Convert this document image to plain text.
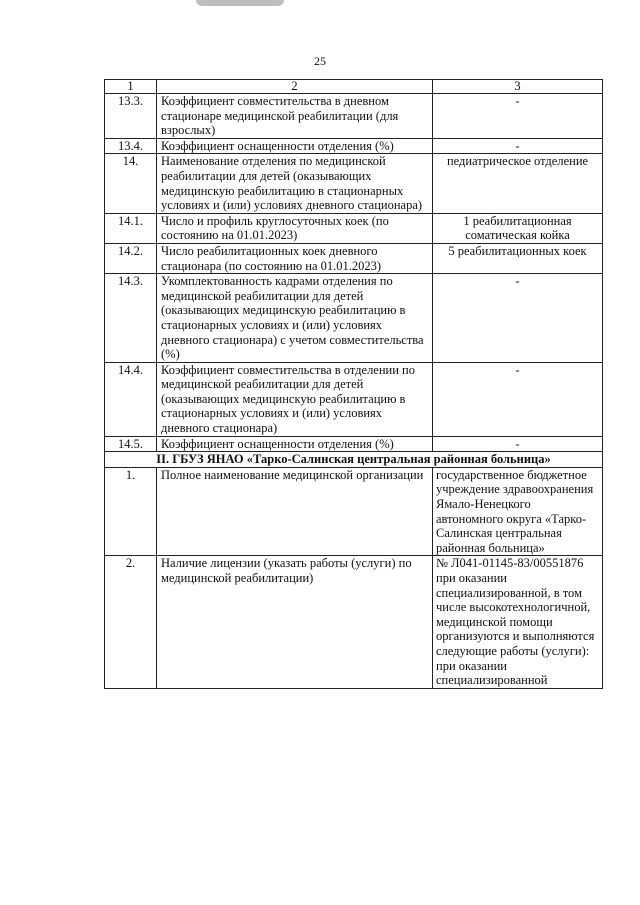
25
1	2	3
13.3.	Коэффициент совместительства в дневном стационаре медицинской реабилитации (для взрослых)	-
13.4.	Коэффициент оснащенности отделения (%)	-
14.	Наименование отделения по медицинской реабилитации для детей (оказывающих медицинскую реабилитацию в стационарных условиях и (или) условиях дневного стационара)	педиатрическое отделение
14.1.	Число и профиль круглосуточных коек (по состоянию на 01.01.2023)	1 реабилитационная соматическая койка
14.2.	Число реабилитационных коек дневного стационара (по состоянию на 01.01.2023)	5 реабилитационных коек
14.3.	Укомплектованность кадрами отделения по медицинской реабилитации для детей (оказывающих медицинскую реабилитацию в стационарных условиях и (или) условиях дневного стационара) с учетом совместительства (%)	-
14.4.	Коэффициент совместительства в отделении по медицинской реабилитации для детей (оказывающих медицинскую реабилитацию в стационарных условиях и (или) условиях дневного стационара)	-
14.5.	Коэффициент оснащенности отделения (%)	-
II. ГБУЗ ЯНАО «Тарко-Салинская центральная районная больница»		
1.	Полное наименование медицинской организации	государственное бюджетное учреждение здравоохранения Ямало-Ненецкого автономного округа «Тарко-Салинская центральная районная больница»
2.	Наличие лицензии (указать работы (услуги) по медицинской реабилитации)	№ Л041-01145-83/00551876 при оказании специализированной, в том числе высокотехнологичной, медицинской помощи организуются и выполняются следующие работы (услуги): при оказании специализированной
